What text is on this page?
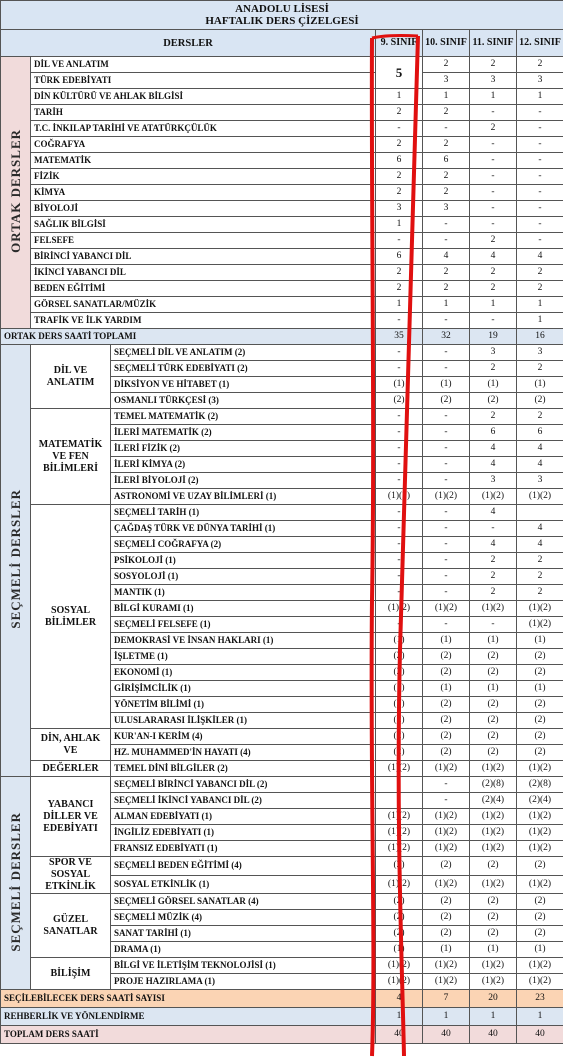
ANADOLU LİSESİ
HAFTALIK DERS ÇİZELGESİ						

DERSLER			9. SINIF	10. SINIF	11. SINIF	12. SINIF
ORTAK DERSLER	DİL VE ANLATIM		5	2	2	2
	TÜRK EDEBİYATI			3	3	3
	DİN KÜLTÜRÜ VE AHLAK BİLGİSİ		1	1	1	1
	TARİH		2	2	-	-
	T.C. İNKILAP TARİHİ VE ATATÜRKÇÜLÜK		-	-	2	-
	COĞRAFYA		2	2	-	-
	MATEMATİK		6	6	-	-
	FİZİK		2	2	-	-
	KİMYA		2	2	-	-
	BİYOLOJİ		3	3	-	-
	SAĞLIK BİLGİSİ		1	-	-	-
	FELSEFE		-	-	2	-
	BİRİNCİ YABANCI DİL		6	4	4	4
	İKİNCİ YABANCI DİL		2	2	2	2
	BEDEN EĞİTİMİ		2	2	2	2
	GÖRSEL SANATLAR/MÜZİK		1	1	1	1
	TRAFİK VE İLK YARDIM		-	-	-	1
ORTAK DERS SAATİ TOPLAMI			35	32	19	16
SEÇMELİ DERSLER	DİL VE ANLATIM	SEÇMELİ DİL VE ANLATIM (2)	-	-	3	3
		SEÇMELİ TÜRK EDEBİYATI (2)	-	-	2	2
		DİKSİYON VE HİTABET (1)	(1)	(1)	(1)	(1)
		OSMANLI TÜRKÇESİ (3)	(2)	(2)	(2)	(2)
	MATEMATİK VE FEN BİLİMLERİ	TEMEL MATEMATİK (2)	-	-	2	2
		İLERİ MATEMATİK (2)	-	-	6	6
		İLERİ FİZİK (2)	-	-	4	4
		İLERİ KİMYA (2)	-	-	4	4
		İLERİ BİYOLOJİ (2)	-	-	3	3
		ASTRONOMİ VE UZAY BİLİMLERİ (1)	(1)(2)	(1)(2)	(1)(2)	(1)(2)
	SOSYAL BİLİMLER	SEÇMELİ TARİH (1)	-	-	4	
		ÇAĞDAŞ TÜRK VE DÜNYA TARİHİ (1)	-	-	-	4
		SEÇMELİ COĞRAFYA (2)	-	-	4	4
		PSİKOLOJİ (1)	-	-	2	2
		SOSYOLOJİ (1)	-	-	2	2
		MANTIK (1)	-	-	2	2
		BİLGİ KURAMI (1)	(1)(2)	(1)(2)	(1)(2)	(1)(2)
		SEÇMELİ FELSEFE (1)	-	-	-	(1)(2)
		DEMOKRASİ VE İNSAN HAKLARI (1)	(1)	(1)	(1)	(1)
		İŞLETME (1)	(2)	(2)	(2)	(2)
		EKONOMİ (1)	(2)	(2)	(2)	(2)
		GİRİŞİMCİLİK (1)	(1)	(1)	(1)	(1)
		YÖNETİM BİLİMİ (1)	(2)	(2)	(2)	(2)
		ULUSLARARASI İLİŞKİLER (1)	(2)	(2)	(2)	(2)
	DİN, AHLAK VE	KUR'AN-I KERİM (4)	(2)	(2)	(2)	(2)
		HZ. MUHAMMED'İN HAYATI (4)	(2)	(2)	(2)	(2)
	DEĞERLER	TEMEL DİNİ BİLGİLER (2)	(1)(2)	(1)(2)	(1)(2)	(1)(2)
SEÇMELİ DERSLER	YABANCI DİLLER VE EDEBİYATI	SEÇMELİ BİRİNCİ YABANCI DİL (2)	-	-	(2)(8)	(2)(8)
		SEÇMELİ İKİNCİ YABANCI DİL (2)	-	-	(2)(4)	(2)(4)
		ALMAN EDEBİYATI (1)	(1)(2)	(1)(2)	(1)(2)	(1)(2)
		İNGİLİZ EDEBİYATI (1)	(1)(2)	(1)(2)	(1)(2)	(1)(2)
		FRANSIZ EDEBİYATI (1)	(1)(2)	(1)(2)	(1)(2)	(1)(2)
	SPOR VE SOSYAL ETKİNLİK	SEÇMELİ BEDEN EĞİTİMİ (4)	(2)	(2)	(2)	(2)
		SOSYAL ETKİNLİK (1)	(1)(2)	(1)(2)	(1)(2)	(1)(2)
	GÜZEL SANATLAR	SEÇMELİ GÖRSEL SANATLAR (4)	(2)	(2)	(2)	(2)
		SEÇMELİ MÜZİK (4)	(2)	(2)	(2)	(2)
		SANAT TARİHİ (1)	(2)	(2)	(2)	(2)
		DRAMA (1)	(1)	(1)	(1)	(1)
	BİLİŞİM	BİLGİ VE İLETİŞİM TEKNOLOJİSİ (1)	(1)(2)	(1)(2)	(1)(2)	(1)(2)
		PROJE HAZIRLAMA (1)	(1)(2)	(1)(2)	(1)(2)	(1)(2)
SEÇİLEBİLECEK DERS SAATİ SAYISI			4	7	20	23
REHBERLİK VE YÖNLENDİRME			1	1	1	1
TOPLAM DERS SAATİ			40	40	40	40
